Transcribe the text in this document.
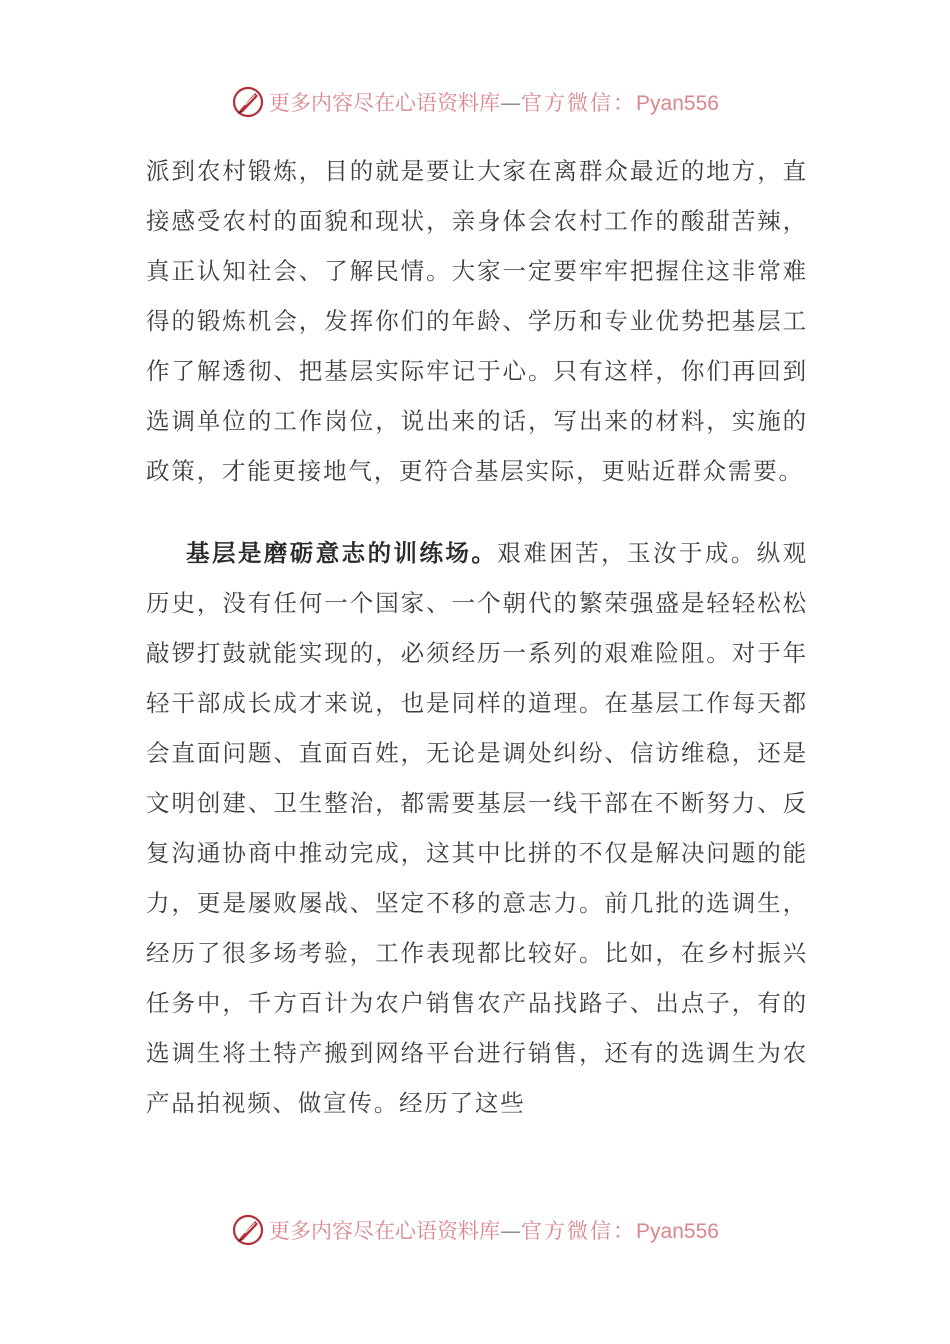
更多内容尽在心语资料库—官方微信：Pyan556

派到农村锻炼，目的就是要让大家在离群众最近的地方，直接感受农村的面貌和现状，亲身体会农村工作的酸甜苦辣，真正认知社会、了解民情。大家一定要牢牢把握住这非常难得的锻炼机会，发挥你们的年龄、学历和专业优势把基层工作了解透彻、把基层实际牢记于心。只有这样，你们再回到选调单位的工作岗位，说出来的话，写出来的材料，实施的政策，才能更接地气，更符合基层实际，更贴近群众需要。

基层是磨砺意志的训练场。艰难困苦，玉汝于成。纵观历史，没有任何一个国家、一个朝代的繁荣强盛是轻轻松松敲锣打鼓就能实现的，必须经历一系列的艰难险阻。对于年轻干部成长成才来说，也是同样的道理。在基层工作每天都会直面问题、直面百姓，无论是调处纠纷、信访维稳，还是文明创建、卫生整治，都需要基层一线干部在不断努力、反复沟通协商中推动完成，这其中比拼的不仅是解决问题的能力，更是屡败屡战、坚定不移的意志力。前几批的选调生，经历了很多场考验，工作表现都比较好。比如，在乡村振兴任务中，千方百计为农户销售农产品找路子、出点子，有的选调生将土特产搬到网络平台进行销售，还有的选调生为农产品拍视频、做宣传。经历了这些

更多内容尽在心语资料库—官方微信：Pyan556
